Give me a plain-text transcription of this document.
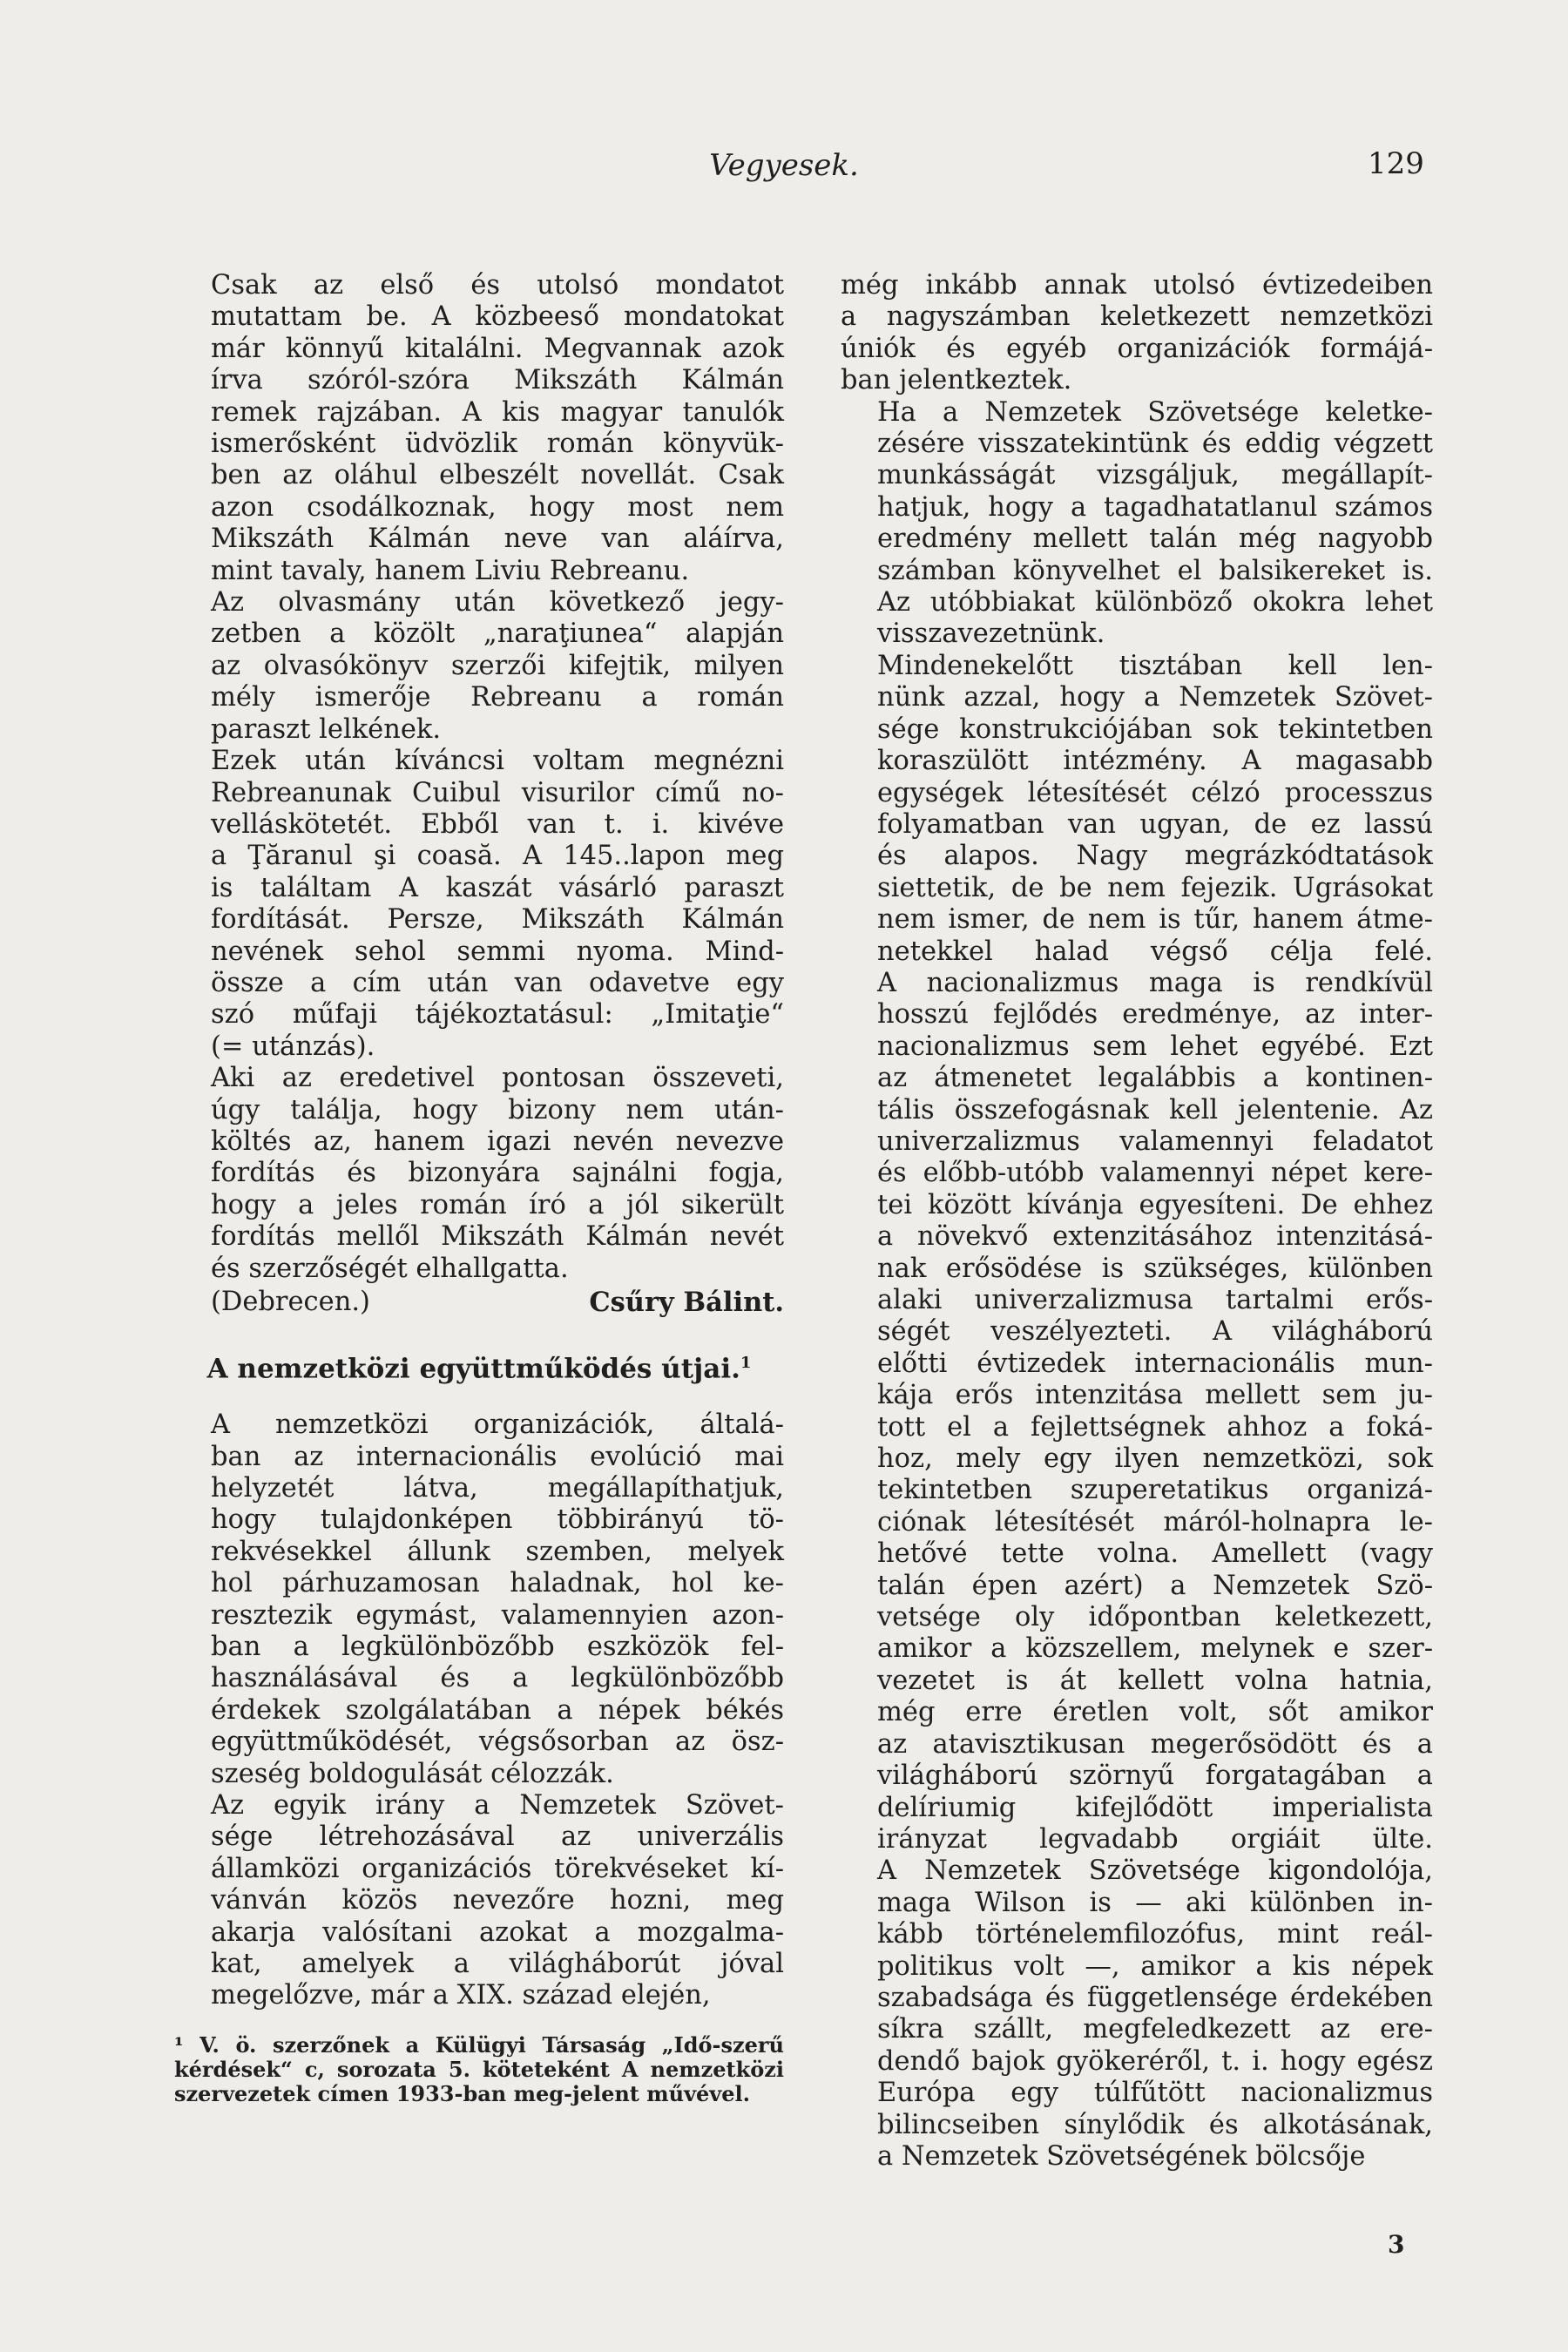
Vegyesek.	129

Csak az első és utolsó mondatot
mutattam be. A közbeeső mondatokat
már könnyű kitalálni. Megvannak azok
írva szóról-szóra Mikszáth Kálmán
remek rajzában. A kis magyar tanulók
ismerősként üdvözlik román könyvük-
ben az oláhul elbeszélt novellát. Csak
azon csodálkoznak, hogy most nem
Mikszáth Kálmán neve van aláírva,
mint tavaly, hanem Liviu Rebreanu.

Az olvasmány után következő jegy-
zetben a közölt „naraţiunea“ alapján
az olvasókönyv szerzői kifejtik, milyen
mély ismerője Rebreanu a román
paraszt lelkének.

Ezek után kíváncsi voltam megnézni
Rebreanunak Cuibul visurilor című no-
velláskötetét. Ebből van t. i. kivéve
a Ţăranul şi coasă. A 145..lapon meg
is találtam A kaszát vásárló paraszt
fordítását. Persze, Mikszáth Kálmán
nevének sehol semmi nyoma. Mind-
össze a cím után van odavetve egy
szó műfaji tájékoztatásul: „Imitaţie“
(= utánzás).

Aki az eredetivel pontosan összeveti,
úgy találja, hogy bizony nem után-
költés az, hanem igazi nevén nevezve
fordítás és bizonyára sajnálni fogja,
hogy a jeles román író a jól sikerült
fordítás mellől Mikszáth Kálmán nevét
és szerzőségét elhallgatta.

(Debrecen.)	Csűry Bálint.
A nemzetközi együttműködés útjai.$^1$

A nemzetközi organizációk, általá-
ban az internacionális evolúció mai
helyzetét látva, megállapíthatjuk,
hogy tulajdonképen többirányú tö-
rekvésekkel állunk szemben, melyek
hol párhuzamosan haladnak, hol ke-
resztezik egymást, valamennyien azon-
ban a legkülönbözőbb eszközök fel-
használásával és a legkülönbözőbb
érdekek szolgálatában a népek békés
együttműködését, végsősorban az ösz-
szeség boldogulását célozzák.

Az egyik irány a Nemzetek Szövet-
sége létrehozásával az univerzális
államközi organizációs törekvéseket kí-
vánván közös nevezőre hozni, meg
akarja valósítani azokat a mozgalma-
kat, amelyek a világháborút jóval
megelőzve, már a XIX. század elején,

¹ V. ö. szerzőnek a Külügyi Társaság „Idő-szerű kérdések“ c, sorozata 5. köteteként A nemzetközi szervezetek címen 1933-ban meg-jelent művével.

még inkább annak utolsó évtizedeiben
a nagyszámban keletkezett nemzetközi
úniók és egyéb organizációk formájá-
ban jelentkeztek.

Ha a Nemzetek Szövetsége keletke-
zésére visszatekintünk és eddig végzett
munkásságát vizsgáljuk, megállapít-
hatjuk, hogy a tagadhatatlanul számos
eredmény mellett talán még nagyobb
számban könyvelhet el balsikereket is.
Az utóbbiakat különböző okokra lehet
visszavezetnünk.

Mindenekelőtt tisztában kell len-
nünk azzal, hogy a Nemzetek Szövet-
sége konstrukciójában sok tekintetben
koraszülött intézmény. A magasabb
egységek létesítését célzó processzus
folyamatban van ugyan, de ez lassú
és alapos. Nagy megrázkódtatások
siettetik, de be nem fejezik. Ugrásokat
nem ismer, de nem is tűr, hanem átme-
netekkel halad végső célja felé.
A nacionalizmus maga is rendkívül
hosszú fejlődés eredménye, az inter-
nacionalizmus sem lehet egyébé. Ezt
az átmenetet legalábbis a kontinen-
tális összefogásnak kell jelentenie. Az
univerzalizmus valamennyi feladatot
és előbb-utóbb valamennyi népet kere-
tei között kívánja egyesíteni. De ehhez
a növekvő extenzitásához intenzitásá-
nak erősödése is szükséges, különben
alaki univerzalizmusa tartalmi erős-
ségét veszélyezteti. A világháború
előtti évtizedek internacionális mun-
kája erős intenzitása mellett sem ju-
tott el a fejlettségnek ahhoz a foká-
hoz, mely egy ilyen nemzetközi, sok
tekintetben szuperetatikus organizá-
ciónak létesítését máról-holnapra le-
hetővé tette volna. Amellett (vagy
talán épen azért) a Nemzetek Szö-
vetsége oly időpontban keletkezett,
amikor a közszellem, melynek e szer-
vezetet is át kellett volna hatnia,
még erre éretlen volt, sőt amikor
az atavisztikusan megerősödött és a
világháború szörnyű forgatagában a
delíriumig kifejlődött imperialista
irányzat legvadabb orgiáit ülte.
A Nemzetek Szövetsége kigondolója,
maga Wilson is — aki különben in-
kább történelemfilozófus, mint reál-
politikus volt —, amikor a kis népek
szabadsága és függetlensége érdekében
síkra szállt, megfeledkezett az ere-
dendő bajok gyökeréről, t. i. hogy egész
Európa egy túlfűtött nacionalizmus
bilincseiben sínylődik és alkotásának,
a Nemzetek Szövetségének bölcsője

3
